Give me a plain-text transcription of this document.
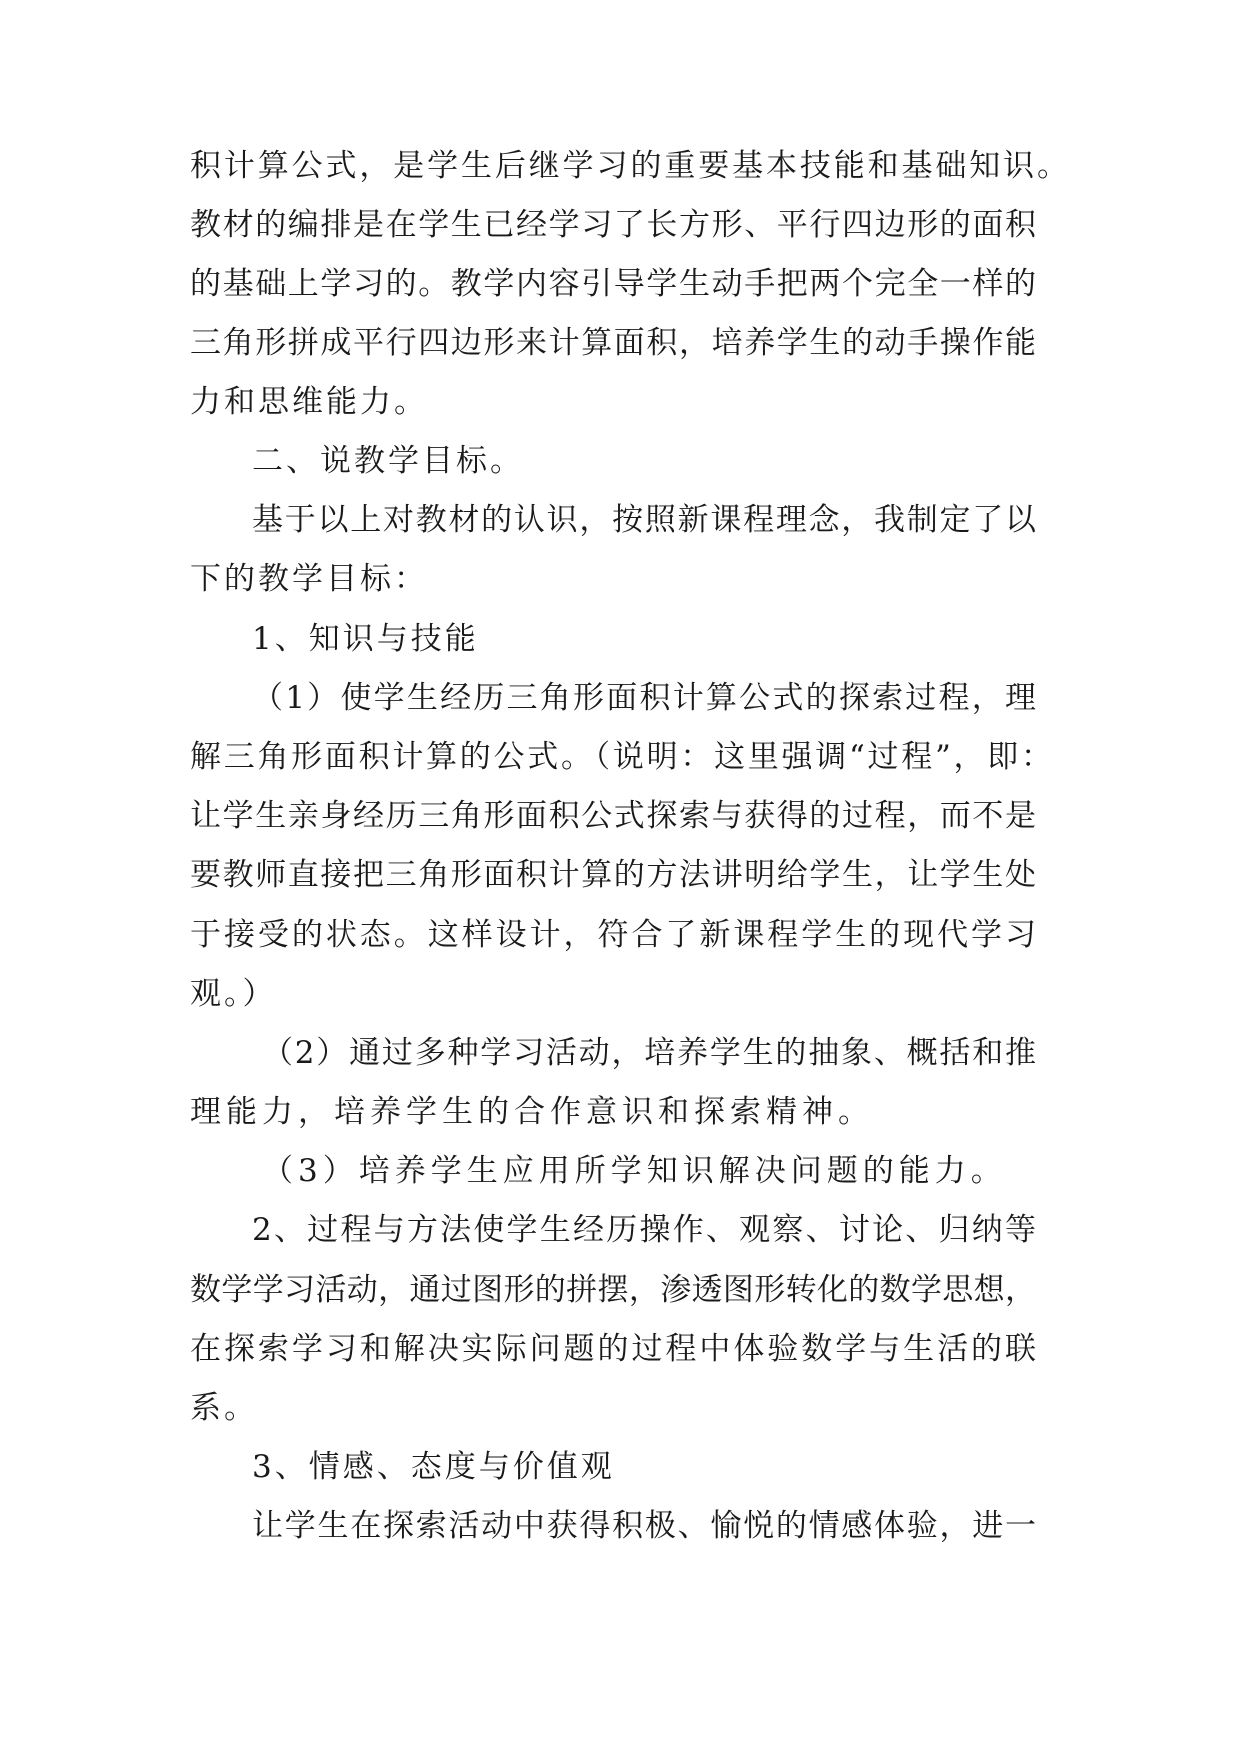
积计算公式，是学生后继学习的重要基本技能和基础知识。
教材的编排是在学生已经学习了长方形、平行四边形的面积
的基础上学习的。教学内容引导学生动手把两个完全一样的
三角形拼成平行四边形来计算面积，培养学生的动手操作能
力和思维能力。
二、说教学目标。
基于以上对教材的认识，按照新课程理念，我制定了以
下的教学目标：
1、知识与技能
（1）使学生经历三角形面积计算公式的探索过程，理
解三角形面积计算的公式。（说明：这里强调“过程”，即：
让学生亲身经历三角形面积公式探索与获得的过程，而不是
要教师直接把三角形面积计算的方法讲明给学生，让学生处
于接受的状态。这样设计，符合了新课程学生的现代学习
观。）
（2）通过多种学习活动，培养学生的抽象、概括和推
理能力，培养学生的合作意识和探索精神。
（3）培养学生应用所学知识解决问题的能力。
2、过程与方法使学生经历操作、观察、讨论、归纳等
数学学习活动，通过图形的拼摆，渗透图形转化的数学思想，
在探索学习和解决实际问题的过程中体验数学与生活的联
系。
3、情感、态度与价值观
让学生在探索活动中获得积极、愉悦的情感体验，进一
